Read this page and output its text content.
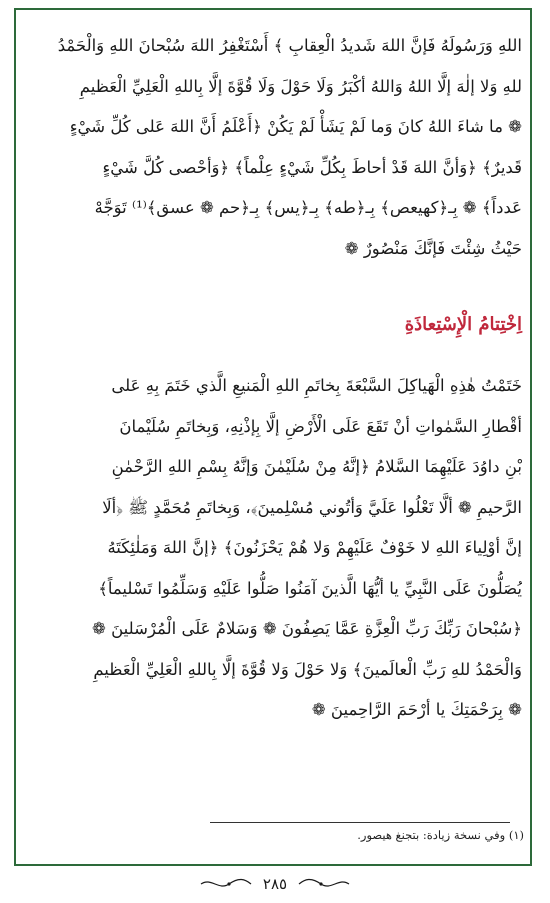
اللهِ وَرَسُولَهُ فَإنَّ اللهَ شَديدُ الْعِقابِ ﴾ أَسْتَغْفِرُ اللهَ سُبْحانَ اللهِ وَالْحَمْدُ
للهِ وَلا إلٰهَ إلَّا اللهُ وَاللهُ أكْبَرُ وَلَا حَوْلَ وَلَا قُوَّةَ إلَّا بِاللهِ الْعَلِيِّ الْعَظيمِ
❁ ما شاءَ اللهُ كانَ وَما لَمْ يَشَأْ لَمْ يَكُنْ ﴿أَعْلَمُ أَنَّ اللهَ عَلى كُلِّ شَيْءٍ
قَديرٌ﴾ ﴿وَأنَّ اللهَ قَدْ أحاطَ بِكُلِّ شَيْءٍ عِلْماً﴾ ﴿وَأحْصى كُلَّ شَيْءٍ
عَدداً﴾ ❁ بِـ﴿كهيعص﴾ بِـ﴿طه﴾ بِـ﴿يس﴾ بِـ﴿حم ❁ عسق﴾⁽¹⁾ تَوَجَّهْ
حَيْثُ شِئْتَ فَإنَّكَ مَنْصُورٌ ❁
اِخْتِتامُ الْإِسْتِعاذَةِ
خَتَمْتُ هٰذِهِ الْهَياكِلَ السَّبْعَةَ بِخاتَمِ اللهِ الْمَنيعِ الَّذي خَتَمَ بِهِ عَلى
أقْطارِ السَّمٰواتِ أنْ تَقَعَ عَلَى الْأَرْضِ إلَّا بِإذْنِهِ، وَبِخاتَمِ سُلَيْمانَ
بْنِ داوُدَ عَلَيْهِمَا السَّلامُ ﴿إنَّهُ مِنْ سُلَيْمٰنَ وَإنَّهُ بِسْمِ اللهِ الرَّحْمٰنِ
الرَّحيمِ ❁ ألَّا تَعْلُوا عَلَيَّ وَأتُوني مُسْلِمينَ﴾، وَبِخاتَمِ مُحَمَّدٍ ﷺ ﴿ألَا
إنَّ أوْلِياءَ اللهِ لا خَوْفٌ عَلَيْهِمْ وَلا هُمْ يَحْزَنُونَ﴾ ﴿إنَّ اللهَ وَمَلٰئِكَتَهُ
يُصَلُّونَ عَلَى النَّبِيِّ يا أيُّهَا الَّذينَ آمَنُوا صَلُّوا عَلَيْهِ وَسَلِّمُوا تَسْليماً﴾
﴿سُبْحانَ رَبِّكَ رَبِّ الْعِزَّةِ عَمَّا يَصِفُونَ ❁ وَسَلامٌ عَلَى الْمُرْسَلينَ ❁
وَالْحَمْدُ للهِ رَبِّ الْعالَمينَ﴾ وَلا حَوْلَ وَلا قُوَّةَ إلَّا بِاللهِ الْعَلِيِّ الْعَظيمِ
❁ بِرَحْمَتِكَ يا أرْحَمَ الرَّاحِمينَ ❁
(١) وفي نسخة زيادة: بتجنغ هيصور.
٢٨٥
